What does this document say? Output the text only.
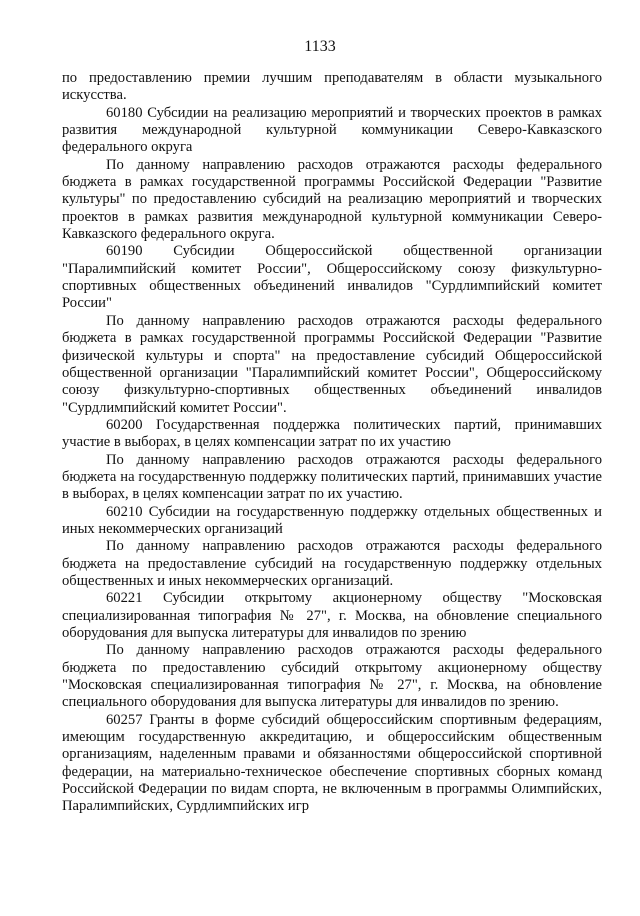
1133

по предоставлению премии лучшим преподавателям в области музыкального искусства.

60180 Субсидии на реализацию мероприятий и творческих проектов в рамках развития международной культурной коммуникации Северо-Кавказского федерального округа

По данному направлению расходов отражаются расходы федерального бюджета в рамках государственной программы Российской Федерации "Развитие культуры" по предоставлению субсидий на реализацию мероприятий и творческих проектов в рамках развития международной культурной коммуникации Северо-Кавказского федерального округа.

60190 Субсидии Общероссийской общественной организации "Паралимпийский комитет России", Общероссийскому союзу физкультурно-спортивных общественных объединений инвалидов "Сурдлимпийский комитет России"

По данному направлению расходов отражаются расходы федерального бюджета в рамках государственной программы Российской Федерации "Развитие физической культуры и спорта" на предоставление субсидий Общероссийской общественной организации "Паралимпийский комитет России", Общероссийскому союзу физкультурно-спортивных общественных объединений инвалидов "Сурдлимпийский комитет России".

60200 Государственная поддержка политических партий, принимавших участие в выборах, в целях компенсации затрат по их участию

По данному направлению расходов отражаются расходы федерального бюджета на государственную поддержку политических партий, принимавших участие в выборах, в целях компенсации затрат по их участию.

60210 Субсидии на государственную поддержку отдельных общественных и иных некоммерческих организаций

По данному направлению расходов отражаются расходы федерального бюджета на предоставление субсидий на государственную поддержку отдельных общественных и иных некоммерческих организаций.

60221 Субсидии открытому акционерному обществу "Московская специализированная типография № 27", г. Москва, на обновление специального оборудования для выпуска литературы для инвалидов по зрению

По данному направлению расходов отражаются расходы федерального бюджета по предоставлению субсидий открытому акционерному обществу "Московская специализированная типография № 27", г. Москва, на обновление специального оборудования для выпуска литературы для инвалидов по зрению.

60257 Гранты в форме субсидий общероссийским спортивным федерациям, имеющим государственную аккредитацию, и общероссийским общественным организациям, наделенным правами и обязанностями общероссийской спортивной федерации, на материально-техническое обеспечение спортивных сборных команд Российской Федерации по видам спорта, не включенным в программы Олимпийских, Паралимпийских, Сурдлимпийских игр
